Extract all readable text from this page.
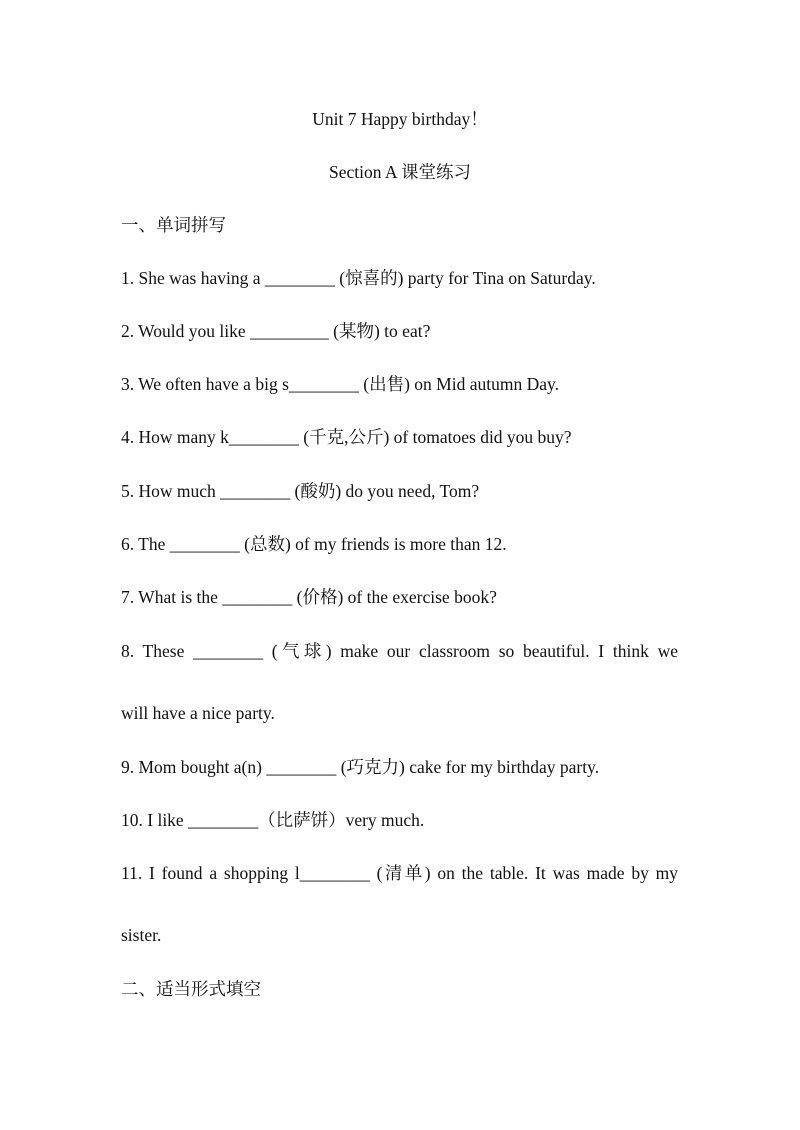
Unit 7 Happy birthday！
Section A 课堂练习
一、单词拼写
1. She was having a ________ (惊喜的) party for Tina on Saturday.
2. Would you like _________ (某物) to eat?
3. We often have a big s________ (出售) on Mid autumn Day.
4. How many k________ (千克,公斤) of tomatoes did you buy?
5. How much ________ (酸奶) do you need, Tom?
6. The ________ (总数) of my friends is more than 12.
7. What is the ________ (价格) of the exercise book?
8. These ________ (气球) make our classroom so beautiful. I think we
will have a nice party.
9. Mom bought a(n) ________ (巧克力) cake for my birthday party.
10. I like ________（比萨饼）very much.
11. I found a shopping l________ (清单) on the table. It was made by my
sister.
二、适当形式填空
